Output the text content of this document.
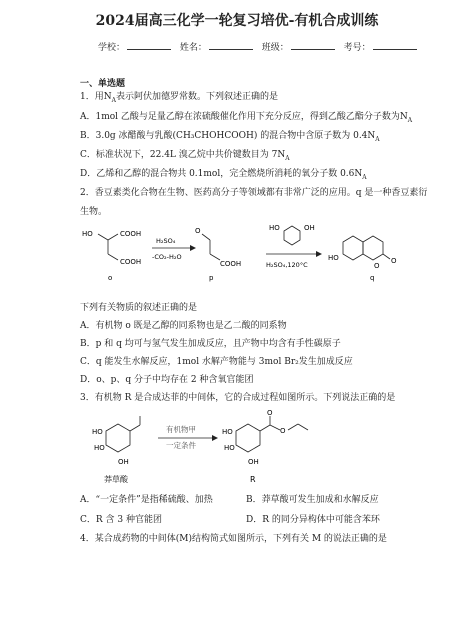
2024届高三化学一轮复习培优-有机合成训练
学校：	姓名：	班级：	考号：
一、单选题
1．用$N_A$表示阿伏加德罗常数。下列叙述正确的是
A．1mol 乙酸与足量乙醇在浓硫酸催化作用下充分反应，得到乙酸乙酯分子数为$N_A$
B．3.0g 冰醋酸与乳酸(CH₃CHOHCOOH) 的混合物中含原子数为 $0.4N_A$
C．标准状况下，22.4L 溴乙烷中共价键数目为 $7N_A$
D．乙烯和乙醇的混合物共 0.1mol，完全燃烧所消耗的氧分子数 $0.6N_A$
2．香豆素类化合物在生物、医药高分子等领域都有非常广泛的应用。q 是一种香豆素衍
生物。
HO	COOH
COOH
o
H₂SO₄
-CO₂-H₂O
O
COOH
p
HO	OH
H₂SO₄,120°C
HO
O
O
q
下列有关物质的叙述正确的是
A．有机物 o 既是乙醇的同系物也是乙二酸的同系物
B．p 和 q 均可与氢气发生加成反应，且产物中均含有手性碳原子
C．q 能发生水解反应，1mol 水解产物能与 3mol Br₂发生加成反应
D．o、p、q 分子中均存在 2 种含氧官能团
3．有机物 R 是合成达菲的中间体，它的合成过程如图所示。下列说法正确的是
HO
HO
OH
莽草酸
有机物甲
一定条件
HO
HO
OH
O
O
R
A．“一定条件”是指稀硫酸、加热	B．莽草酸可发生加成和水解反应
C．R 含 3 种官能团	D．R 的同分异构体中可能含苯环
4．某合成药物的中间体(M)结构简式如图所示，下列有关 M 的说法正确的是
